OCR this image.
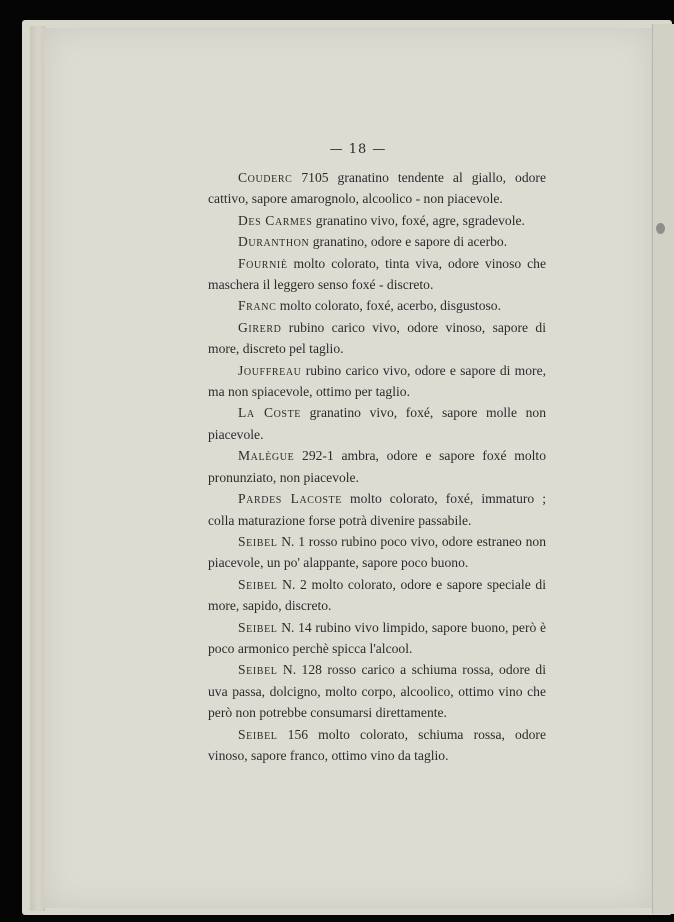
— 18 —

Couderc 7105 granatino tendente al giallo, odore cattivo, sapore amarognolo, alcoolico - non piacevole.

Des Carmes granatino vivo, foxé, agre, sgradevole.

Duranthon granatino, odore e sapore di acerbo.

Fourniè molto colorato, tinta viva, odore vinoso che maschera il leggero senso foxé - discreto.

Franc molto colorato, foxé, acerbo, disgustoso.

Girerd rubino carico vivo, odore vinoso, sapore di more, discreto pel taglio.

Jouffreau rubino carico vivo, odore e sapore di more, ma non spiacevole, ottimo per taglio.

La Coste granatino vivo, foxé, sapore molle non piacevole.

Malègue 292-1 ambra, odore e sapore foxé molto pronunziato, non piacevole.

Pardes Lacoste molto colorato, foxé, immaturo ; colla maturazione forse potrà divenire passabile.

Seibel N. 1 rosso rubino poco vivo, odore estraneo non piacevole, un po' alappante, sapore poco buono.

Seibel N. 2 molto colorato, odore e sapore speciale di more, sapido, discreto.

Seibel N. 14 rubino vivo limpido, sapore buono, però è poco armonico perchè spicca l'alcool.

Seibel N. 128 rosso carico a schiuma rossa, odore di uva passa, dolcigno, molto corpo, alcoolico, ottimo vino che però non potrebbe consumarsi direttamente.

Seibel 156 molto colorato, schiuma rossa, odore vinoso, sapore franco, ottimo vino da taglio.
